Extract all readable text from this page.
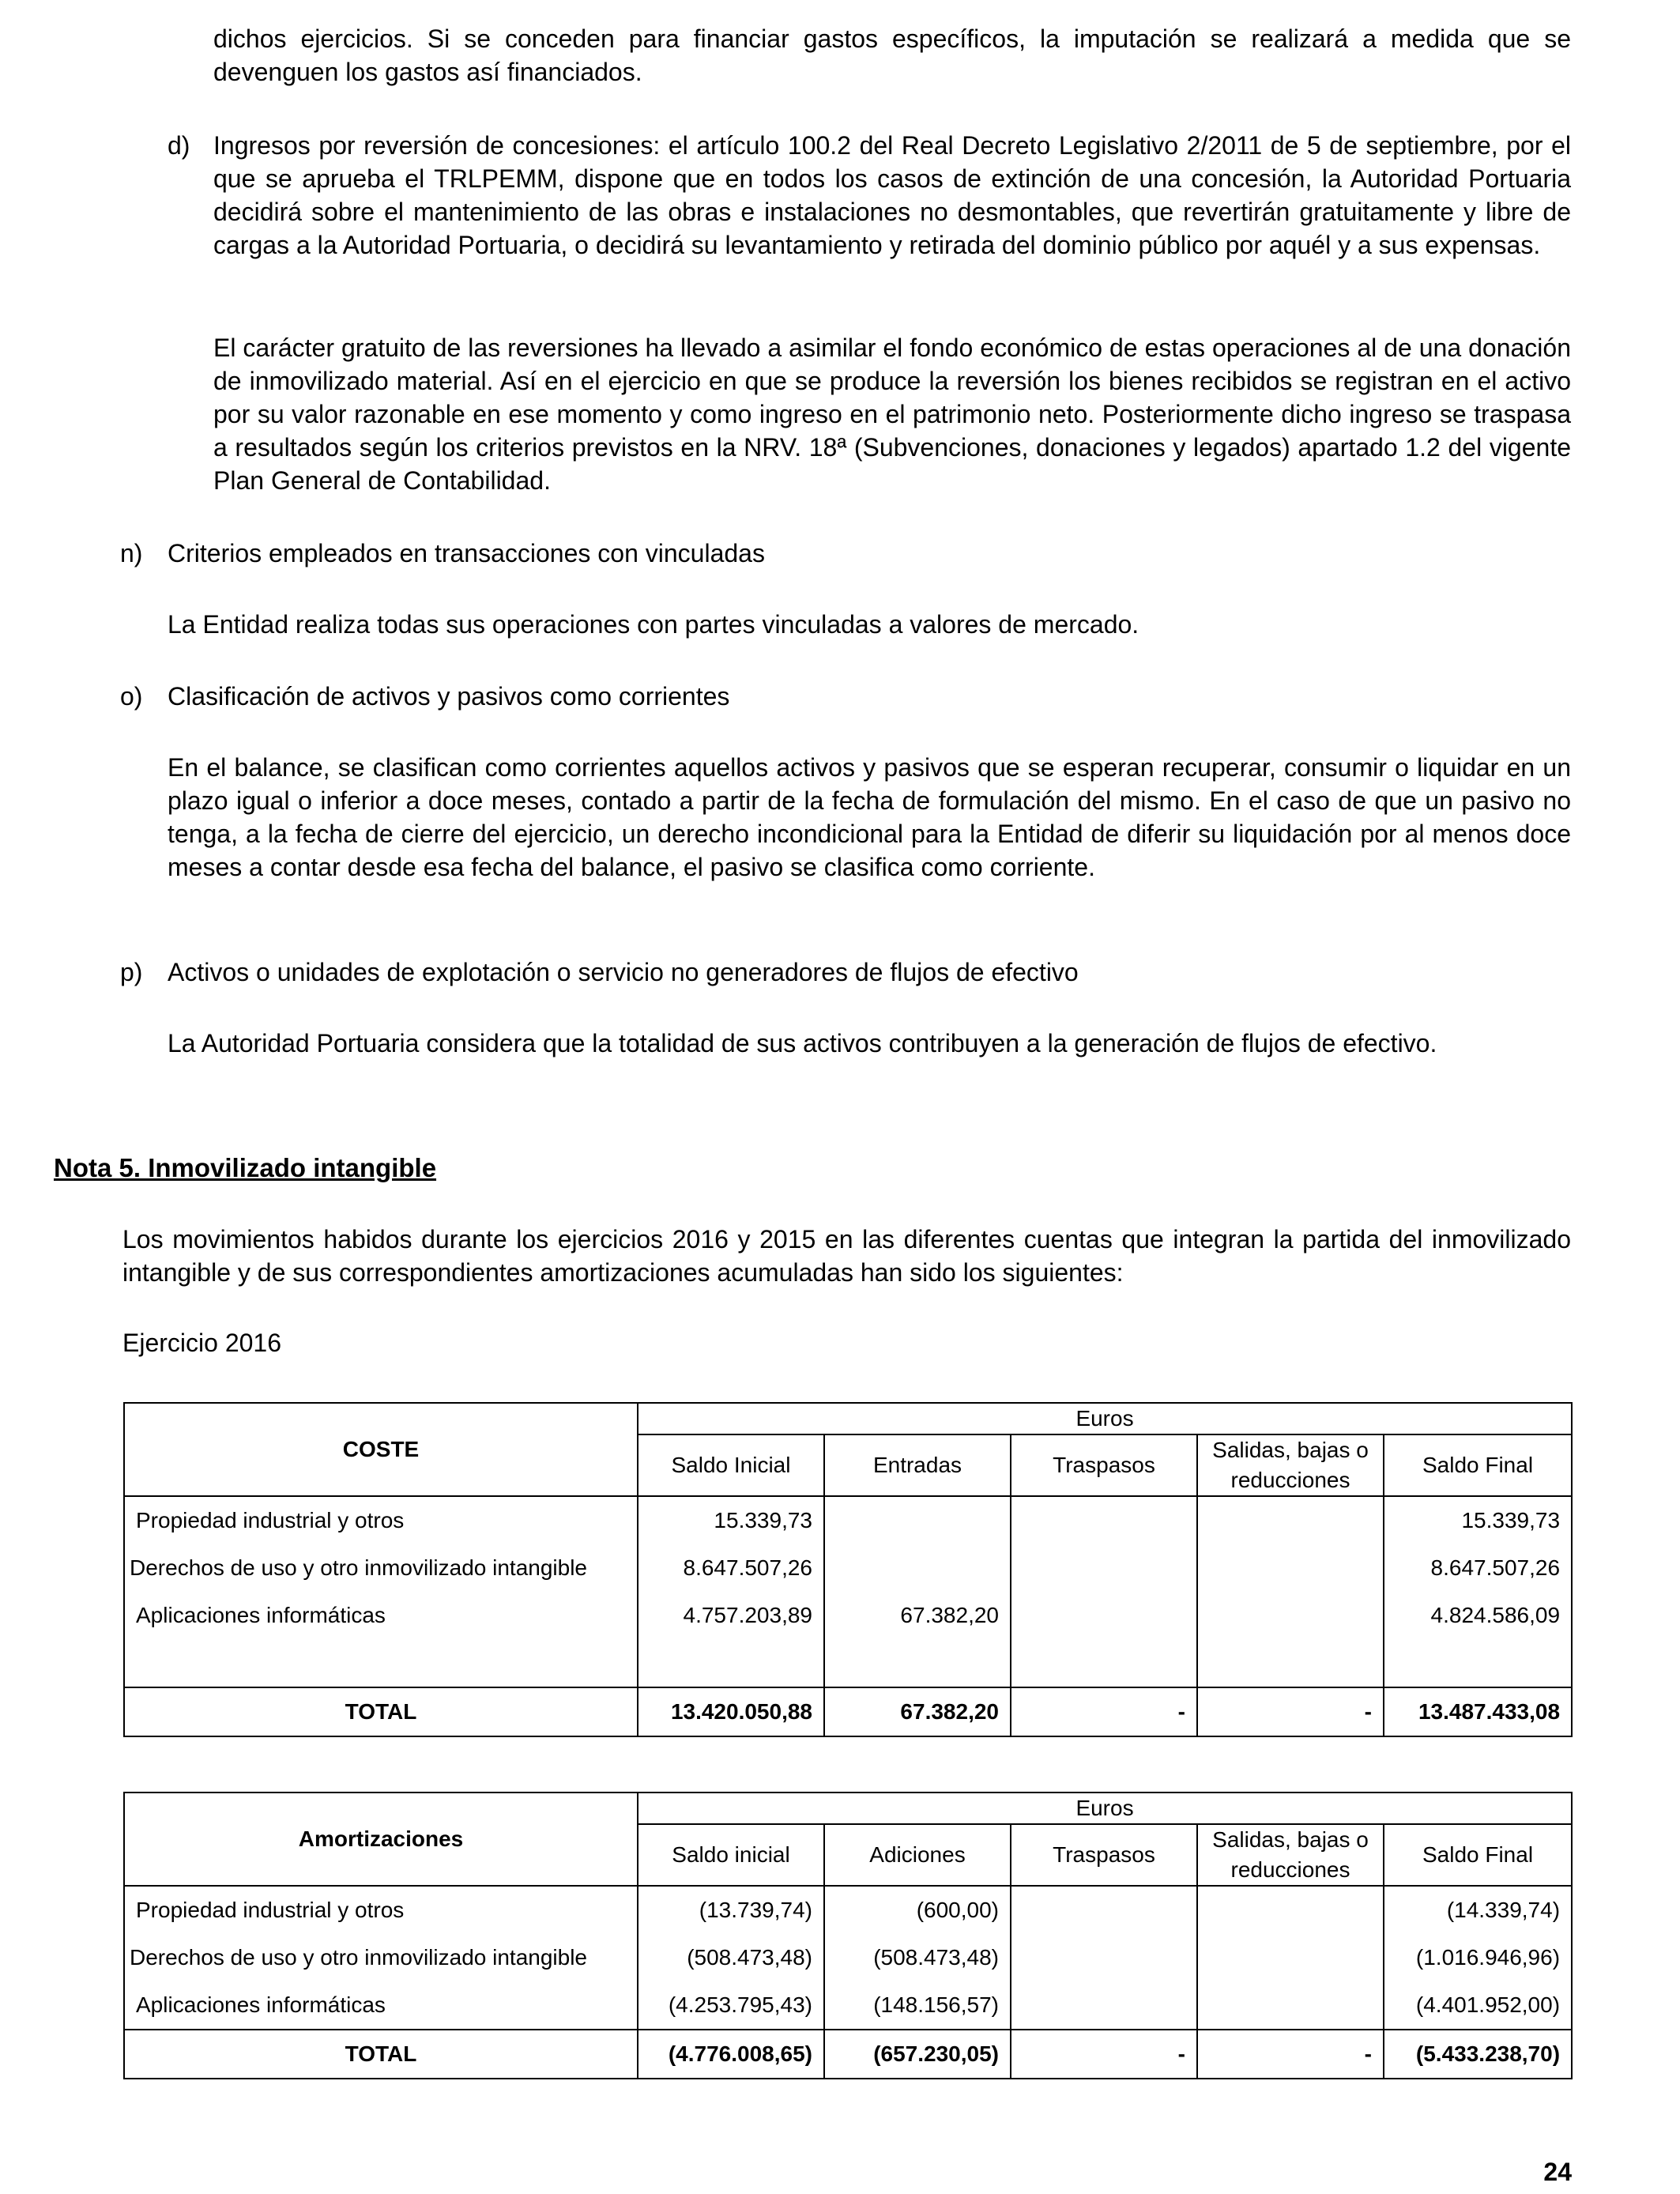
dichos ejercicios. Si se conceden para financiar gastos específicos, la imputación se realizará a medida que se devenguen los gastos así financiados.

d) Ingresos por reversión de concesiones: el artículo 100.2 del Real Decreto Legislativo 2/2011 de 5 de septiembre, por el que se aprueba el TRLPEMM, dispone que en todos los casos de extinción de una concesión, la Autoridad Portuaria decidirá sobre el mantenimiento de las obras e instalaciones no desmontables, que revertirán gratuitamente y libre de cargas a la Autoridad Portuaria, o decidirá su levantamiento y retirada del dominio público por aquél y a sus expensas.

El carácter gratuito de las reversiones ha llevado a asimilar el fondo económico de estas operaciones al de una donación de inmovilizado material. Así en el ejercicio en que se produce la reversión los bienes recibidos se registran en el activo por su valor razonable en ese momento y como ingreso en el patrimonio neto. Posteriormente dicho ingreso se traspasa a resultados según los criterios previstos en la NRV. 18ª (Subvenciones, donaciones y legados) apartado 1.2 del vigente Plan General de Contabilidad.

n) Criterios empleados en transacciones con vinculadas

La Entidad realiza todas sus operaciones con partes vinculadas a valores de mercado.

o) Clasificación de activos y pasivos como corrientes

En el balance, se clasifican como corrientes aquellos activos y pasivos que se esperan recuperar, consumir o liquidar en un plazo igual o inferior a doce meses, contado a partir de la fecha de formulación del mismo. En el caso de que un pasivo no tenga, a la fecha de cierre del ejercicio, un derecho incondicional para la Entidad de diferir su liquidación por al menos doce meses a contar desde esa fecha del balance, el pasivo se clasifica como corriente.

p) Activos o unidades de explotación o servicio no generadores de flujos de efectivo

La Autoridad Portuaria considera que la totalidad de sus activos contribuyen a la generación de flujos de efectivo.

Nota 5. Inmovilizado intangible

Los movimientos habidos durante los ejercicios 2016 y 2015 en las diferentes cuentas que integran la partida del inmovilizado intangible y de sus correspondientes amortizaciones acumuladas han sido los siguientes:

Ejercicio 2016
COSTE	Euros				
	Saldo Inicial	Entradas	Traspasos	Salidas, bajas o reducciones	Saldo Final
Propiedad industrial y otros	15.339,73				15.339,73
Derechos de uso y otro inmovilizado intangible	8.647.507,26				8.647.507,26
Aplicaciones informáticas	4.757.203,89	67.382,20			4.824.586,09

TOTAL	13.420.050,88	67.382,20	-	-	13.487.433,08
Amortizaciones	Euros				
	Saldo inicial	Adiciones	Traspasos	Salidas, bajas o reducciones	Saldo Final
Propiedad industrial y otros	(13.739,74)	(600,00)			(14.339,74)
Derechos de uso y otro inmovilizado intangible	(508.473,48)	(508.473,48)			(1.016.946,96)
Aplicaciones informáticas	(4.253.795,43)	(148.156,57)			(4.401.952,00)
TOTAL	(4.776.008,65)	(657.230,05)	-	-	(5.433.238,70)
24
